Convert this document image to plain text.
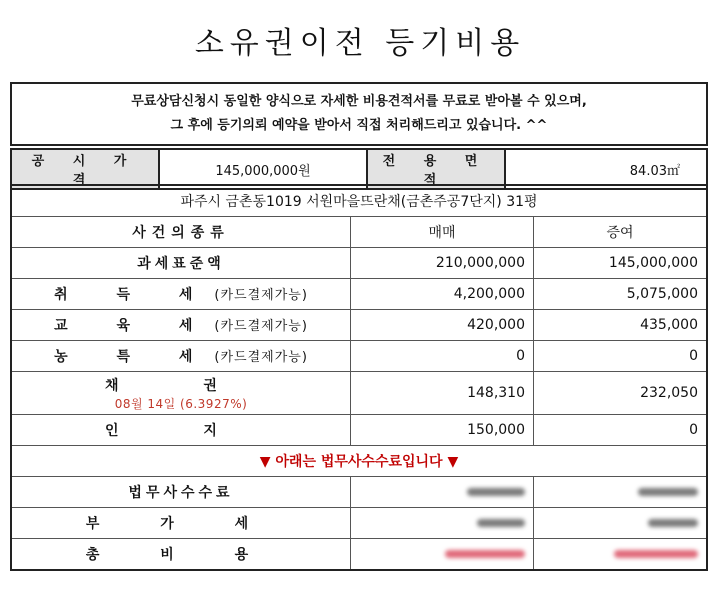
소유권이전 등기비용
무료상담신청시 동일한 양식으로 자세한 비용견적서를 무료로 받아볼 수 있으며,
그 후에 등기의뢰 예약을 받아서 직접 처리해드리고 있습니다. ^^
공 시 가 격	145,000,000원	전 용 면 적	84.03㎡
파주시 금촌동1019 서원마을뜨란채(금촌주공7단지) 31평		
사건의종류	매매	증여
과세표준액	210,000,000	145,000,000
취 득 세(카드결제가능)	4,200,000	5,075,000
교 육 세(카드결제가능)	420,000	435,000
농 특 세(카드결제가능)	0	0
채 권
08월 14일 (6.3927%)	148,310	232,050
인 지	150,000	0
▼ 아래는 법무사수수료입니다 ▼		
법무사수수료		
부 가 세		
총 비 용		
